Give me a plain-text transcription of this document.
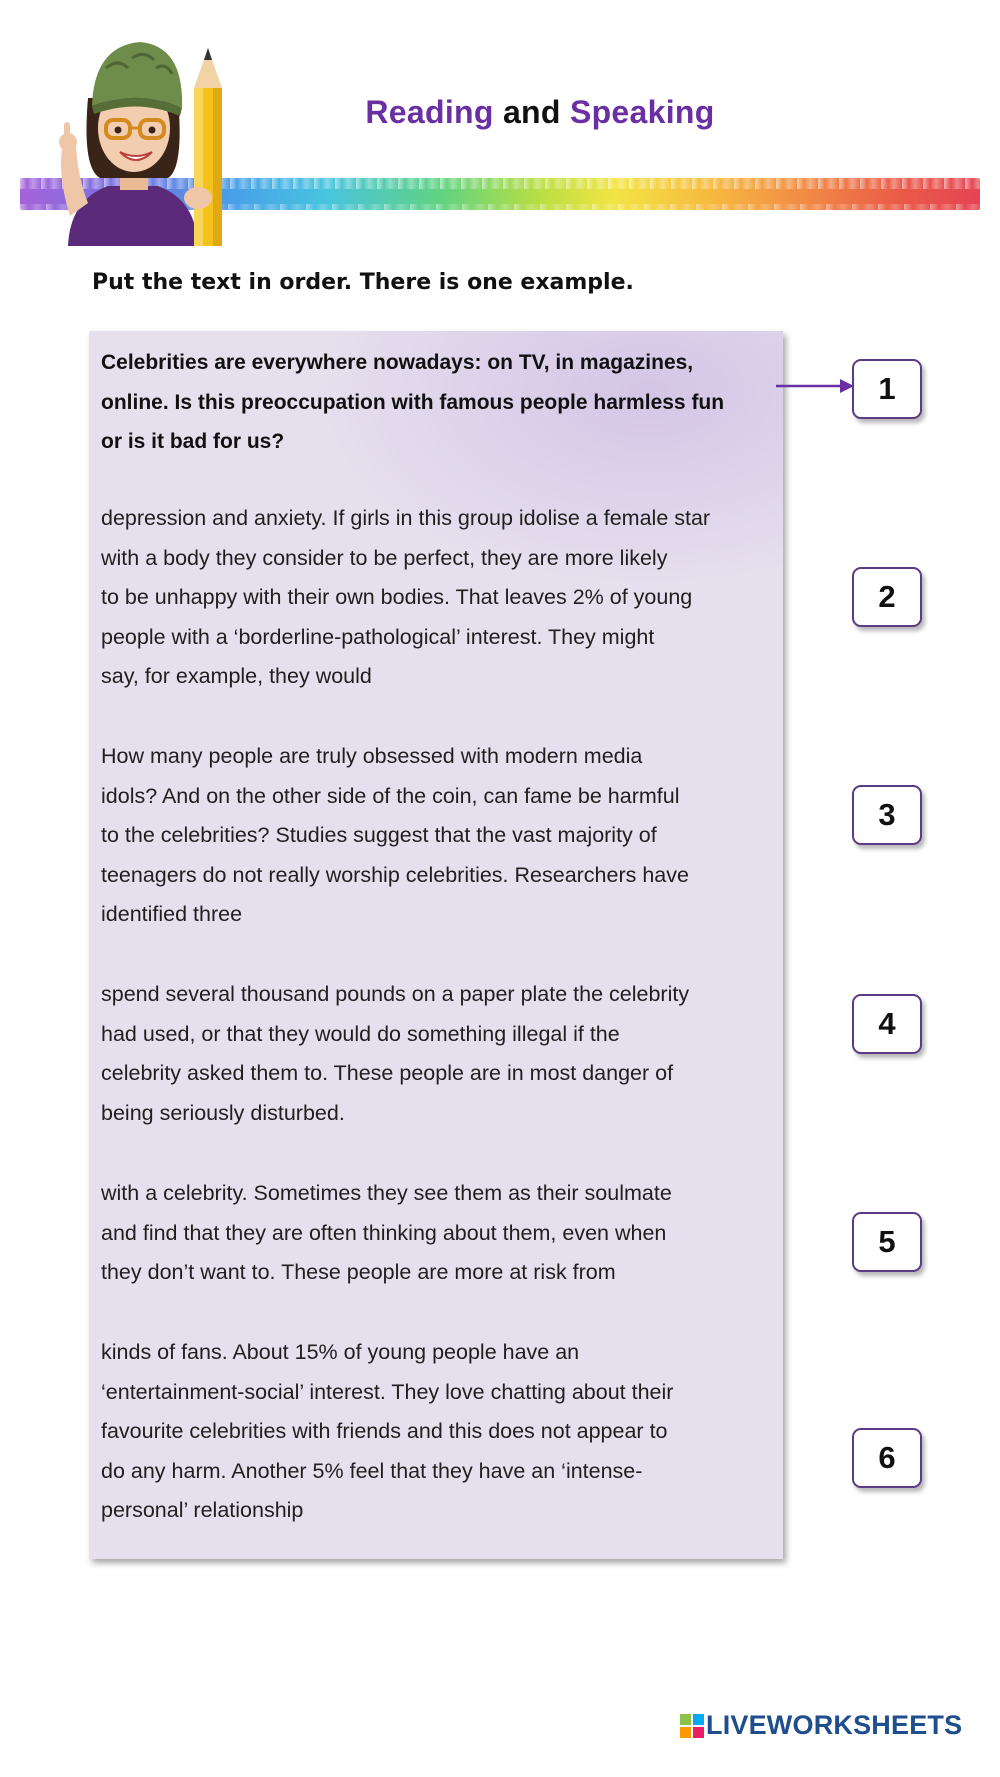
Reading and Speaking
Put the text in order. There is one example.

Celebrities are everywhere nowadays: on TV, in magazines,
online. Is this preoccupation with famous people harmless fun
or is it bad for us?

depression and anxiety. If girls in this group idolise a female star
with a body they consider to be perfect, they are more likely
to be unhappy with their own bodies. That leaves 2% of young
people with a ‘borderline-pathological’ interest. They might
say, for example, they would

How many people are truly obsessed with modern media
idols? And on the other side of the coin, can fame be harmful
to the celebrities? Studies suggest that the vast majority of
teenagers do not really worship celebrities. Researchers have
identified three

spend several thousand pounds on a paper plate the celebrity
had used, or that they would do something illegal if the
celebrity asked them to. These people are in most danger of
being seriously disturbed.

with a celebrity. Sometimes they see them as their soulmate
and find that they are often thinking about them, even when
they don’t want to. These people are more at risk from

kinds of fans. About 15% of young people have an
‘entertainment-social’ interest. They love chatting about their
favourite celebrities with friends and this does not appear to
do any harm. Another 5% feel that they have an ‘intense-
personal’ relationship

1
2
3
4
5
6
LIVEWORKSHEETS
